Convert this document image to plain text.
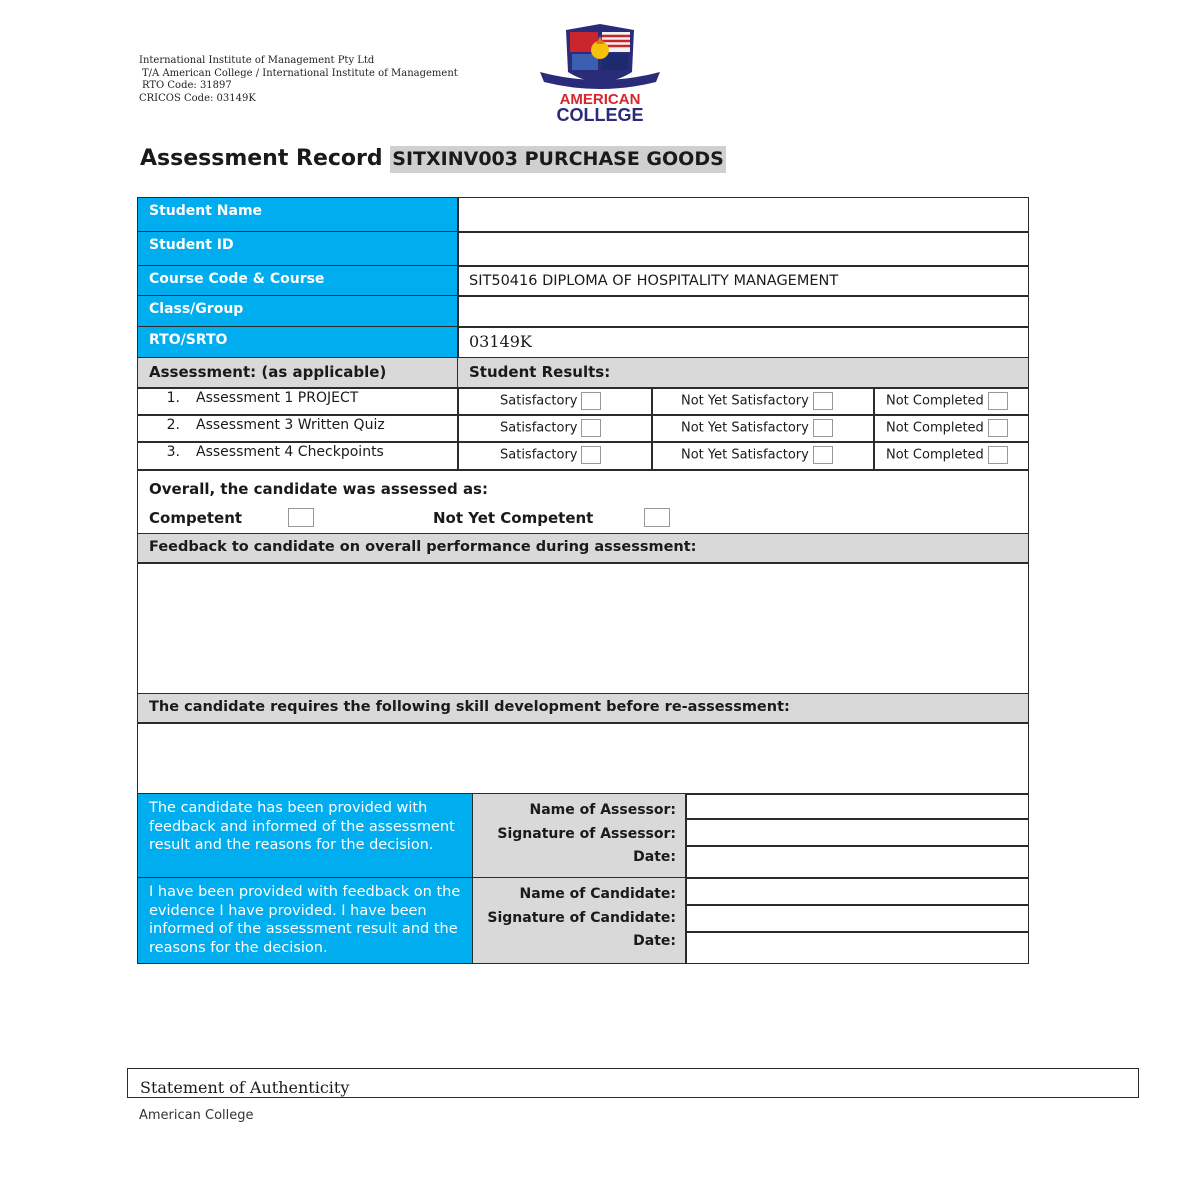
International Institute of Management Pty Ltd
T/A American College / International Institute of Management
RTO Code: 31897
CRICOS Code: 03149K	AMERICAN
COLLEGE
Assessment Record SITXINV003 PURCHASE GOODS
Student Name
Student ID
Course Code & Course	SIT50416 DIPLOMA OF HOSPITALITY MANAGEMENT
Class/Group
RTO/SRTO	03149K
Assessment: (as applicable)	Student Results:
1. Assessment 1 PROJECT	Satisfactory	Not Yet Satisfactory	Not Completed
2. Assessment 3 Written Quiz	Satisfactory	Not Yet Satisfactory	Not Completed
3. Assessment 4 Checkpoints	Satisfactory	Not Yet Satisfactory	Not Completed
Overall, the candidate was assessed as:
Competent	Not Yet Competent
Feedback to candidate on overall performance during assessment:
The candidate requires the following skill development before re-assessment:
The candidate has been provided with feedback and informed of the assessment result and the reasons for the decision.
Name of Assessor:
Signature of Assessor:
Date:
I have been provided with feedback on the evidence I have provided. I have been informed of the assessment result and the reasons for the decision.
Name of Candidate:
Signature of Candidate:
Date:
Statement of Authenticity
American College
